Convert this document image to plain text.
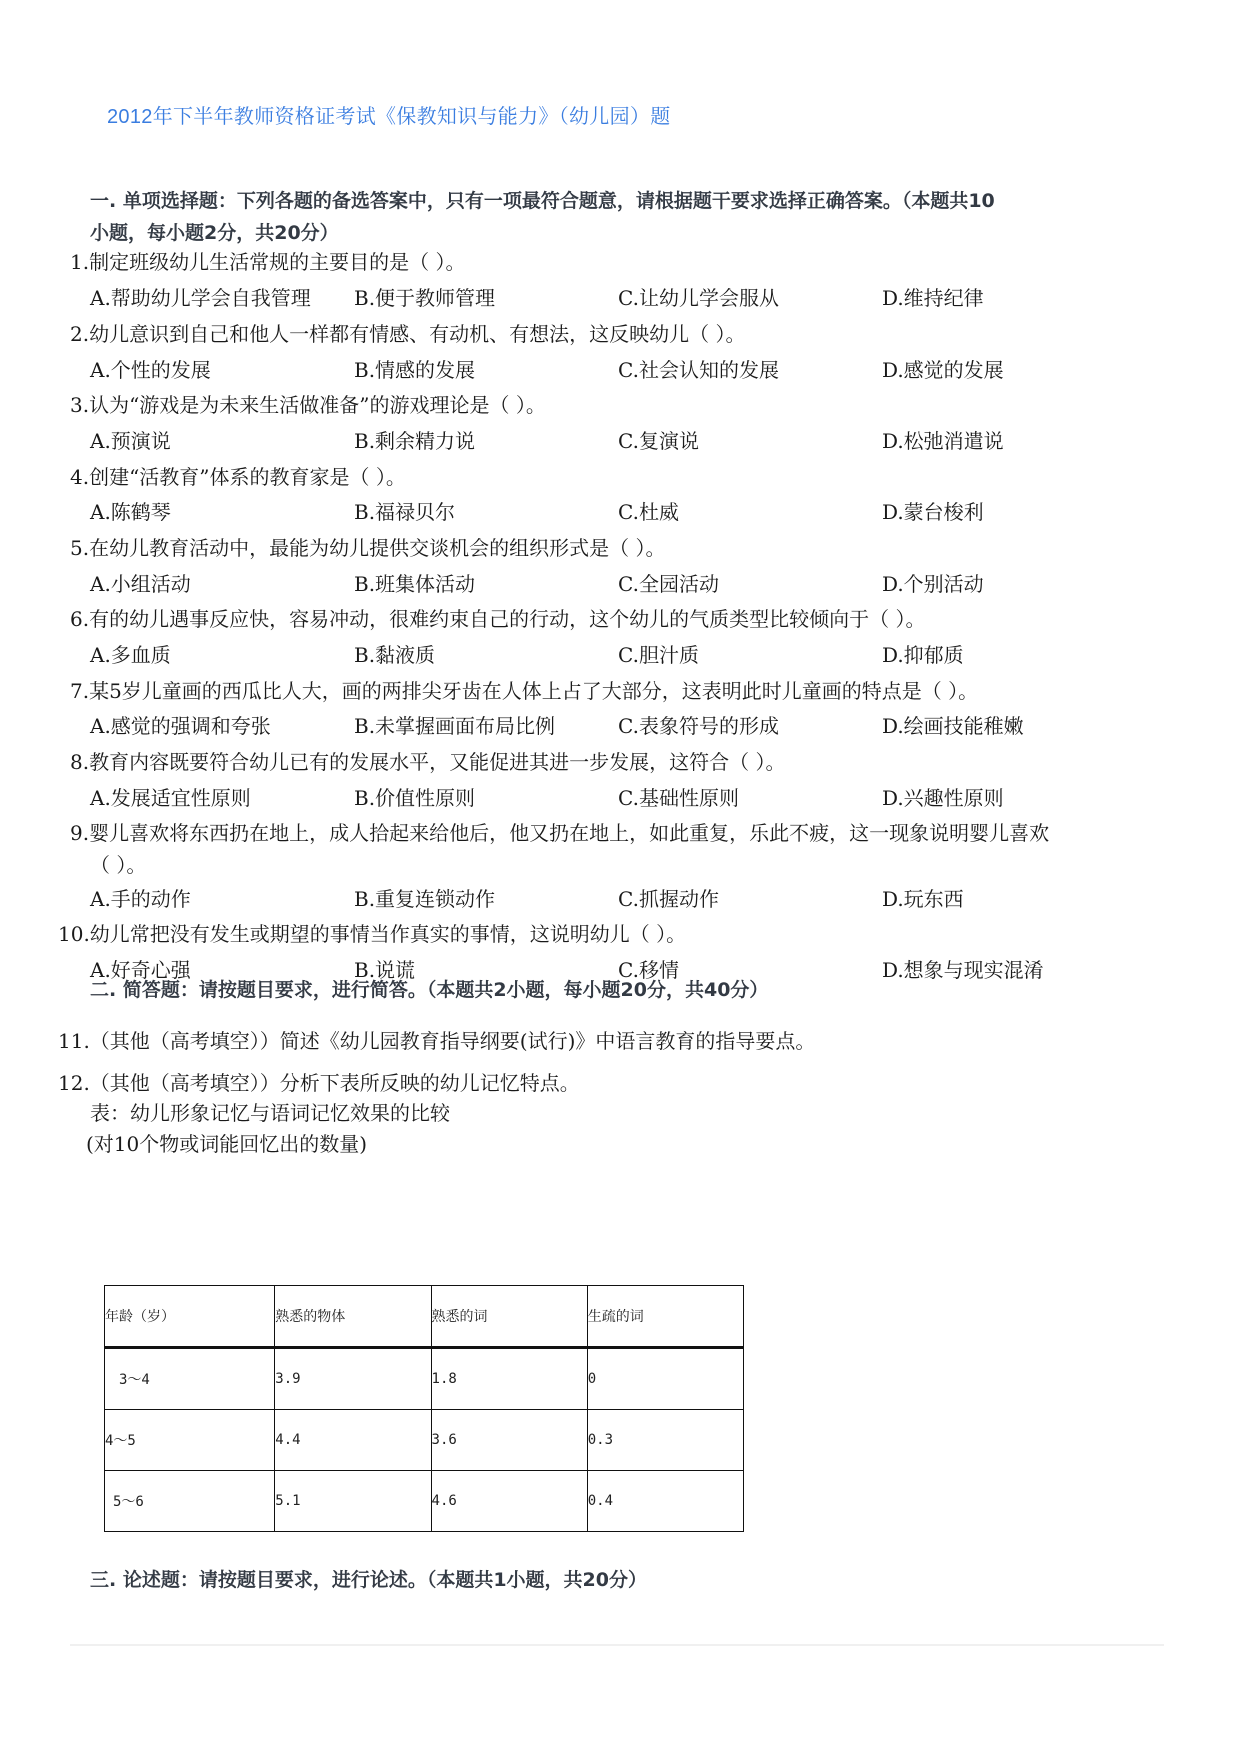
2012年下半年教师资格证考试《保教知识与能力》（幼儿园）题
一. 单项选择题：下列各题的备选答案中，只有一项最符合题意，请根据题干要求选择正确答案。（本题共10
小题，每小题2分，共20分）
1.制定班级幼儿生活常规的主要目的是（ ）。
A.帮助幼儿学会自我管理 B.便于教师管理	C.让幼儿学会服从	D.维持纪律
2.幼儿意识到自己和他人一样都有情感、有动机、有想法，这反映幼儿（ ）。
A.个性的发展	B.情感的发展	C.社会认知的发展	D.感觉的发展
3.认为“游戏是为未来生活做准备”的游戏理论是（ ）。
A.预演说	B.剩余精力说	C.复演说	D.松弛消遣说
4.创建“活教育”体系的教育家是（ ）。
A.陈鹤琴	B.福禄贝尔	C.杜威	D.蒙台梭利
5.在幼儿教育活动中，最能为幼儿提供交谈机会的组织形式是（ ）。
A.小组活动	B.班集体活动	C.全园活动	D.个别活动
6.有的幼儿遇事反应快，容易冲动，很难约束自己的行动，这个幼儿的气质类型比较倾向于（ ）。
A.多血质	B.黏液质	C.胆汁质	D.抑郁质
7.某5岁儿童画的西瓜比人大，画的两排尖牙齿在人体上占了大部分，这表明此时儿童画的特点是（ ）。
A.感觉的强调和夸张	B.未掌握画面布局比例	C.表象符号的形成	D.绘画技能稚嫩
8.教育内容既要符合幼儿已有的发展水平，又能促进其进一步发展，这符合（ ）。
A.发展适宜性原则	B.价值性原则	C.基础性原则	D.兴趣性原则
9.婴儿喜欢将东西扔在地上，成人拾起来给他后，他又扔在地上，如此重复，乐此不疲，这一现象说明婴儿喜欢
（ ）。
A.手的动作	B.重复连锁动作	C.抓握动作	D.玩东西
10.幼儿常把没有发生或期望的事情当作真实的事情，这说明幼儿（ ）。
A.好奇心强	B.说谎	C.移情	D.想象与现实混淆
二. 简答题：请按题目要求，进行简答。（本题共2小题，每小题20分，共40分）
11.（其他（高考填空））简述《幼儿园教育指导纲要(试行)》中语言教育的指导要点。
12.（其他（高考填空））分析下表所反映的幼儿记忆特点。
表：幼儿形象记忆与语词记忆效果的比较
(对10个物或词能回忆出的数量)
年龄（岁）	熟悉的物体	熟悉的词	生疏的词
3～4	3.9	1.8	0
4～5	4.4	3.6	0.3
5～6	5.1	4.6	0.4
三. 论述题：请按题目要求，进行论述。（本题共1小题，共20分）
